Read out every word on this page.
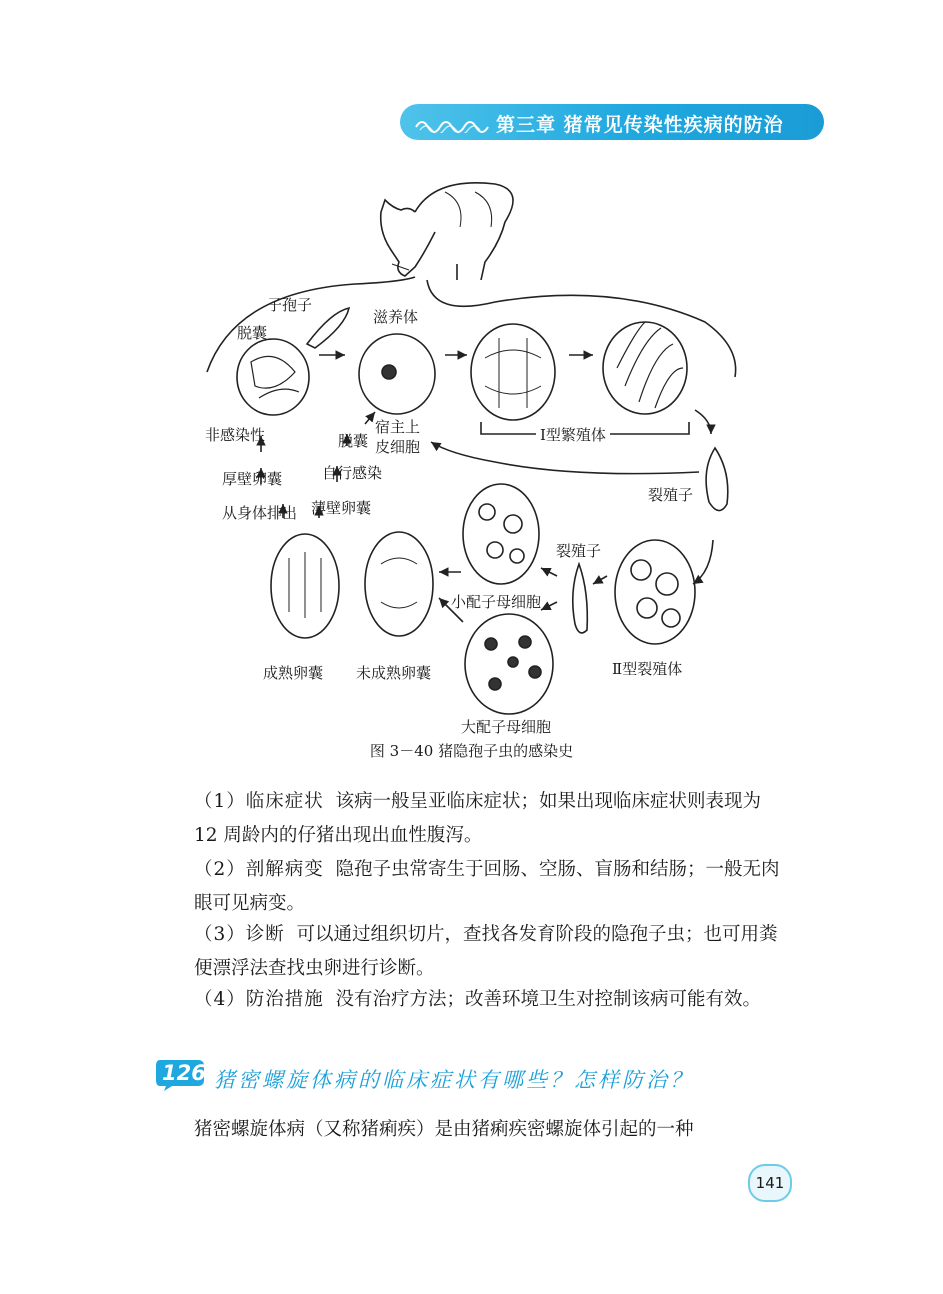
第三章 猪常见传染性疾病的防治
子孢子
脱囊
滋养体
宿主上
皮细胞
脱囊
非感染性
自行感染
厚壁卵囊
薄壁卵囊
从身体排出
Ⅰ型繁殖体
裂殖子
裂殖子
小配子母细胞
成熟卵囊 未成熟卵囊	Ⅱ型裂殖体
大配子母细胞
图 3－40 猪隐孢子虫的感染史

（1）临床症状 该病一般呈亚临床症状；如果出现临床症状则表现为 12 周龄内的仔猪出现出血性腹泻。

（2）剖解病变 隐孢子虫常寄生于回肠、空肠、盲肠和结肠；一般无肉眼可见病变。

（3）诊断 可以通过组织切片，查找各发育阶段的隐孢子虫；也可用粪便漂浮法查找虫卵进行诊断。

（4）防治措施 没有治疗方法；改善环境卫生对控制该病可能有效。

126 猪密螺旋体病的临床症状有哪些？怎样防治？

猪密螺旋体病（又称猪痢疾）是由猪痢疾密螺旋体引起的一种

141
